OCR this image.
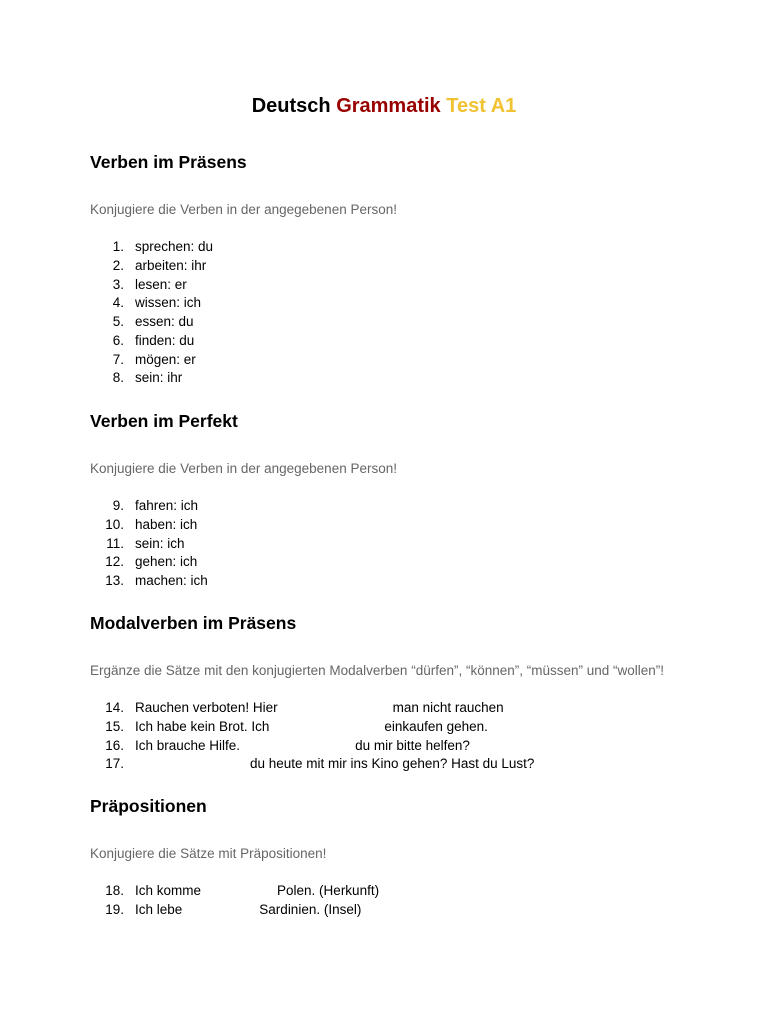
Deutsch Grammatik Test A1
Verben im Präsens

Konjugiere die Verben in der angegebenen Person!

1. sprechen: du
2. arbeiten: ihr
3. lesen: er
4. wissen: ich
5. essen: du
6. finden: du
7. mögen: er
8. sein: ihr
Verben im Perfekt

Konjugiere die Verben in der angegebenen Person!

9. fahren: ich
10. haben: ich
11. sein: ich
12. gehen: ich
13. machen: ich
Modalverben im Präsens

Ergänze die Sätze mit den konjugierten Modalverben “dürfen”, “können”, “müssen” und “wollen”!

14. Rauchen verboten! Hier	man nicht rauchen
15. Ich habe kein Brot. Ich	einkaufen gehen.
16. Ich brauche Hilfe.	du mir bitte helfen?
17.	du heute mit mir ins Kino gehen? Hast du Lust?
Präpositionen

Konjugiere die Sätze mit Präpositionen!

18. Ich komme	Polen. (Herkunft)
19. Ich lebe	Sardinien. (Insel)
